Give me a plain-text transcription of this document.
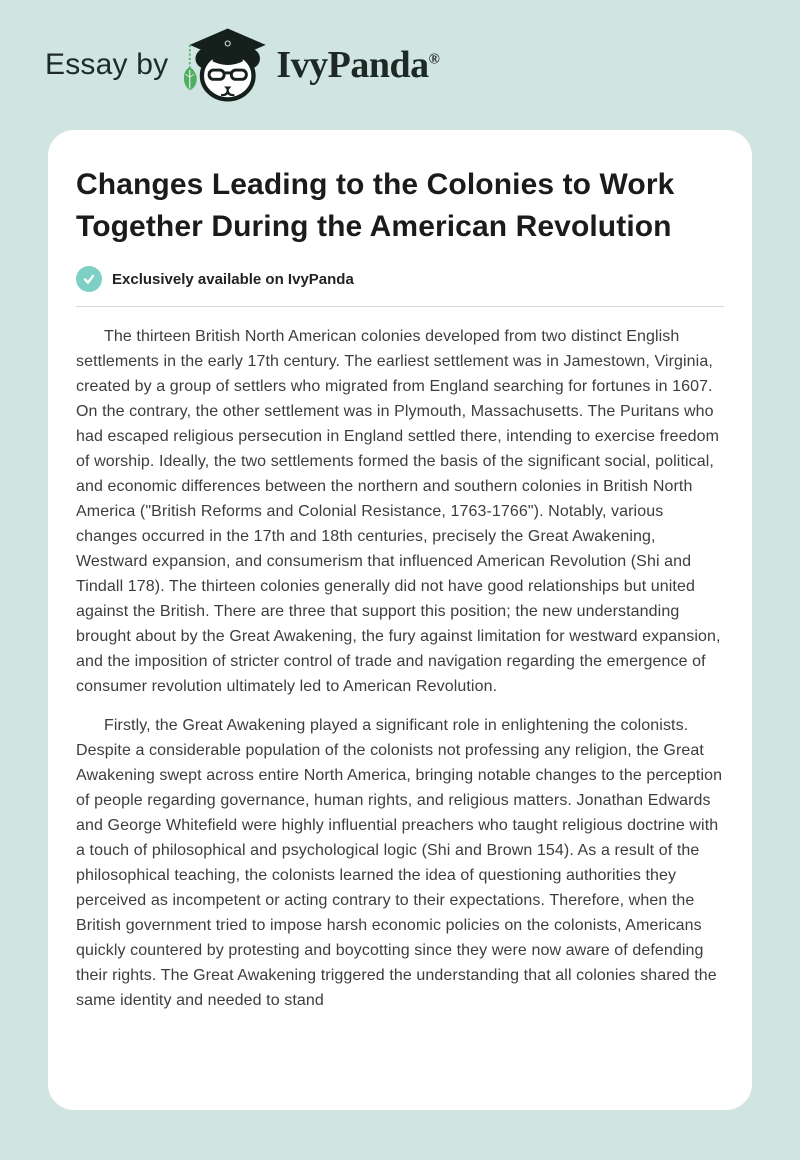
Essay by	IvyPanda®
Changes Leading to the Colonies to Work Together During the American Revolution
Exclusively available on IvyPanda

The thirteen British North American colonies developed from two distinct English settlements in the early 17th century. The earliest settlement was in Jamestown, Virginia, created by a group of settlers who migrated from England searching for fortunes in 1607. On the contrary, the other settlement was in Plymouth, Massachusetts. The Puritans who had escaped religious persecution in England settled there, intending to exercise freedom of worship. Ideally, the two settlements formed the basis of the significant social, political, and economic differences between the northern and southern colonies in British North America ("British Reforms and Colonial Resistance, 1763-1766"). Notably, various changes occurred in the 17th and 18th centuries, precisely the Great Awakening, Westward expansion, and consumerism that influenced American Revolution (Shi and Tindall 178). The thirteen colonies generally did not have good relationships but united against the British. There are three that support this position; the new understanding brought about by the Great Awakening, the fury against limitation for westward expansion, and the imposition of stricter control of trade and navigation regarding the emergence of consumer revolution ultimately led to American Revolution.

Firstly, the Great Awakening played a significant role in enlightening the colonists. Despite a considerable population of the colonists not professing any religion, the Great Awakening swept across entire North America, bringing notable changes to the perception of people regarding governance, human rights, and religious matters. Jonathan Edwards and George Whitefield were highly influential preachers who taught religious doctrine with a touch of philosophical and psychological logic (Shi and Brown 154). As a result of the philosophical teaching, the colonists learned the idea of questioning authorities they perceived as incompetent or acting contrary to their expectations. Therefore, when the British government tried to impose harsh economic policies on the colonists, Americans quickly countered by protesting and boycotting since they were now aware of defending their rights. The Great Awakening triggered the understanding that all colonies shared the same identity and needed to stand
